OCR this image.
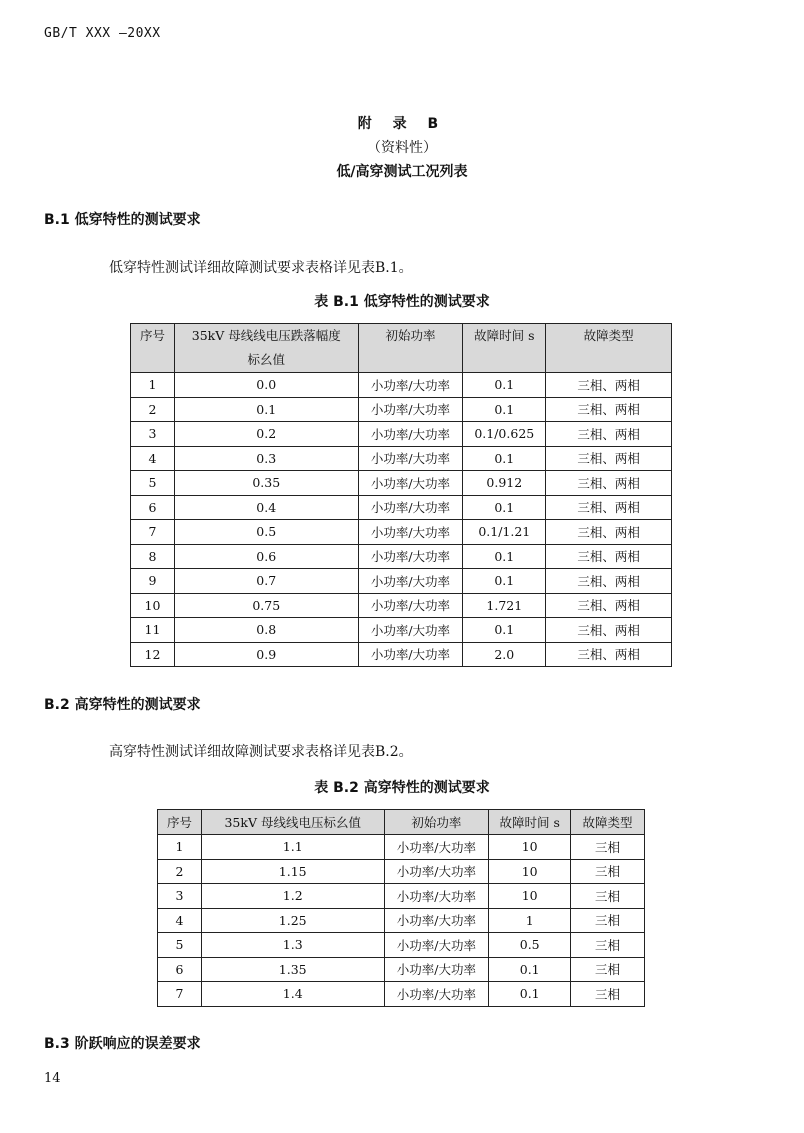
GB/T XXX —20XX
附 录 B
（资料性）
低/高穿测试工况列表
B.1 低穿特性的测试要求
低穿特性测试详细故障测试要求表格详见表B.1。
表 B.1 低穿特性的测试要求
序号	35kV 母线线电压跌落幅度标幺值	初始功率	故障时间 s	故障类型
1	0.0	小功率/大功率	0.1	三相、两相
2	0.1	小功率/大功率	0.1	三相、两相
3	0.2	小功率/大功率	0.1/0.625	三相、两相
4	0.3	小功率/大功率	0.1	三相、两相
5	0.35	小功率/大功率	0.912	三相、两相
6	0.4	小功率/大功率	0.1	三相、两相
7	0.5	小功率/大功率	0.1/1.21	三相、两相
8	0.6	小功率/大功率	0.1	三相、两相
9	0.7	小功率/大功率	0.1	三相、两相
10	0.75	小功率/大功率	1.721	三相、两相
11	0.8	小功率/大功率	0.1	三相、两相
12	0.9	小功率/大功率	2.0	三相、两相
B.2 高穿特性的测试要求
高穿特性测试详细故障测试要求表格详见表B.2。
表 B.2 高穿特性的测试要求
序号	35kV 母线线电压标幺值	初始功率	故障时间 s	故障类型
1	1.1	小功率/大功率	10	三相
2	1.15	小功率/大功率	10	三相
3	1.2	小功率/大功率	10	三相
4	1.25	小功率/大功率	1	三相
5	1.3	小功率/大功率	0.5	三相
6	1.35	小功率/大功率	0.1	三相
7	1.4	小功率/大功率	0.1	三相
B.3 阶跃响应的误差要求
14
